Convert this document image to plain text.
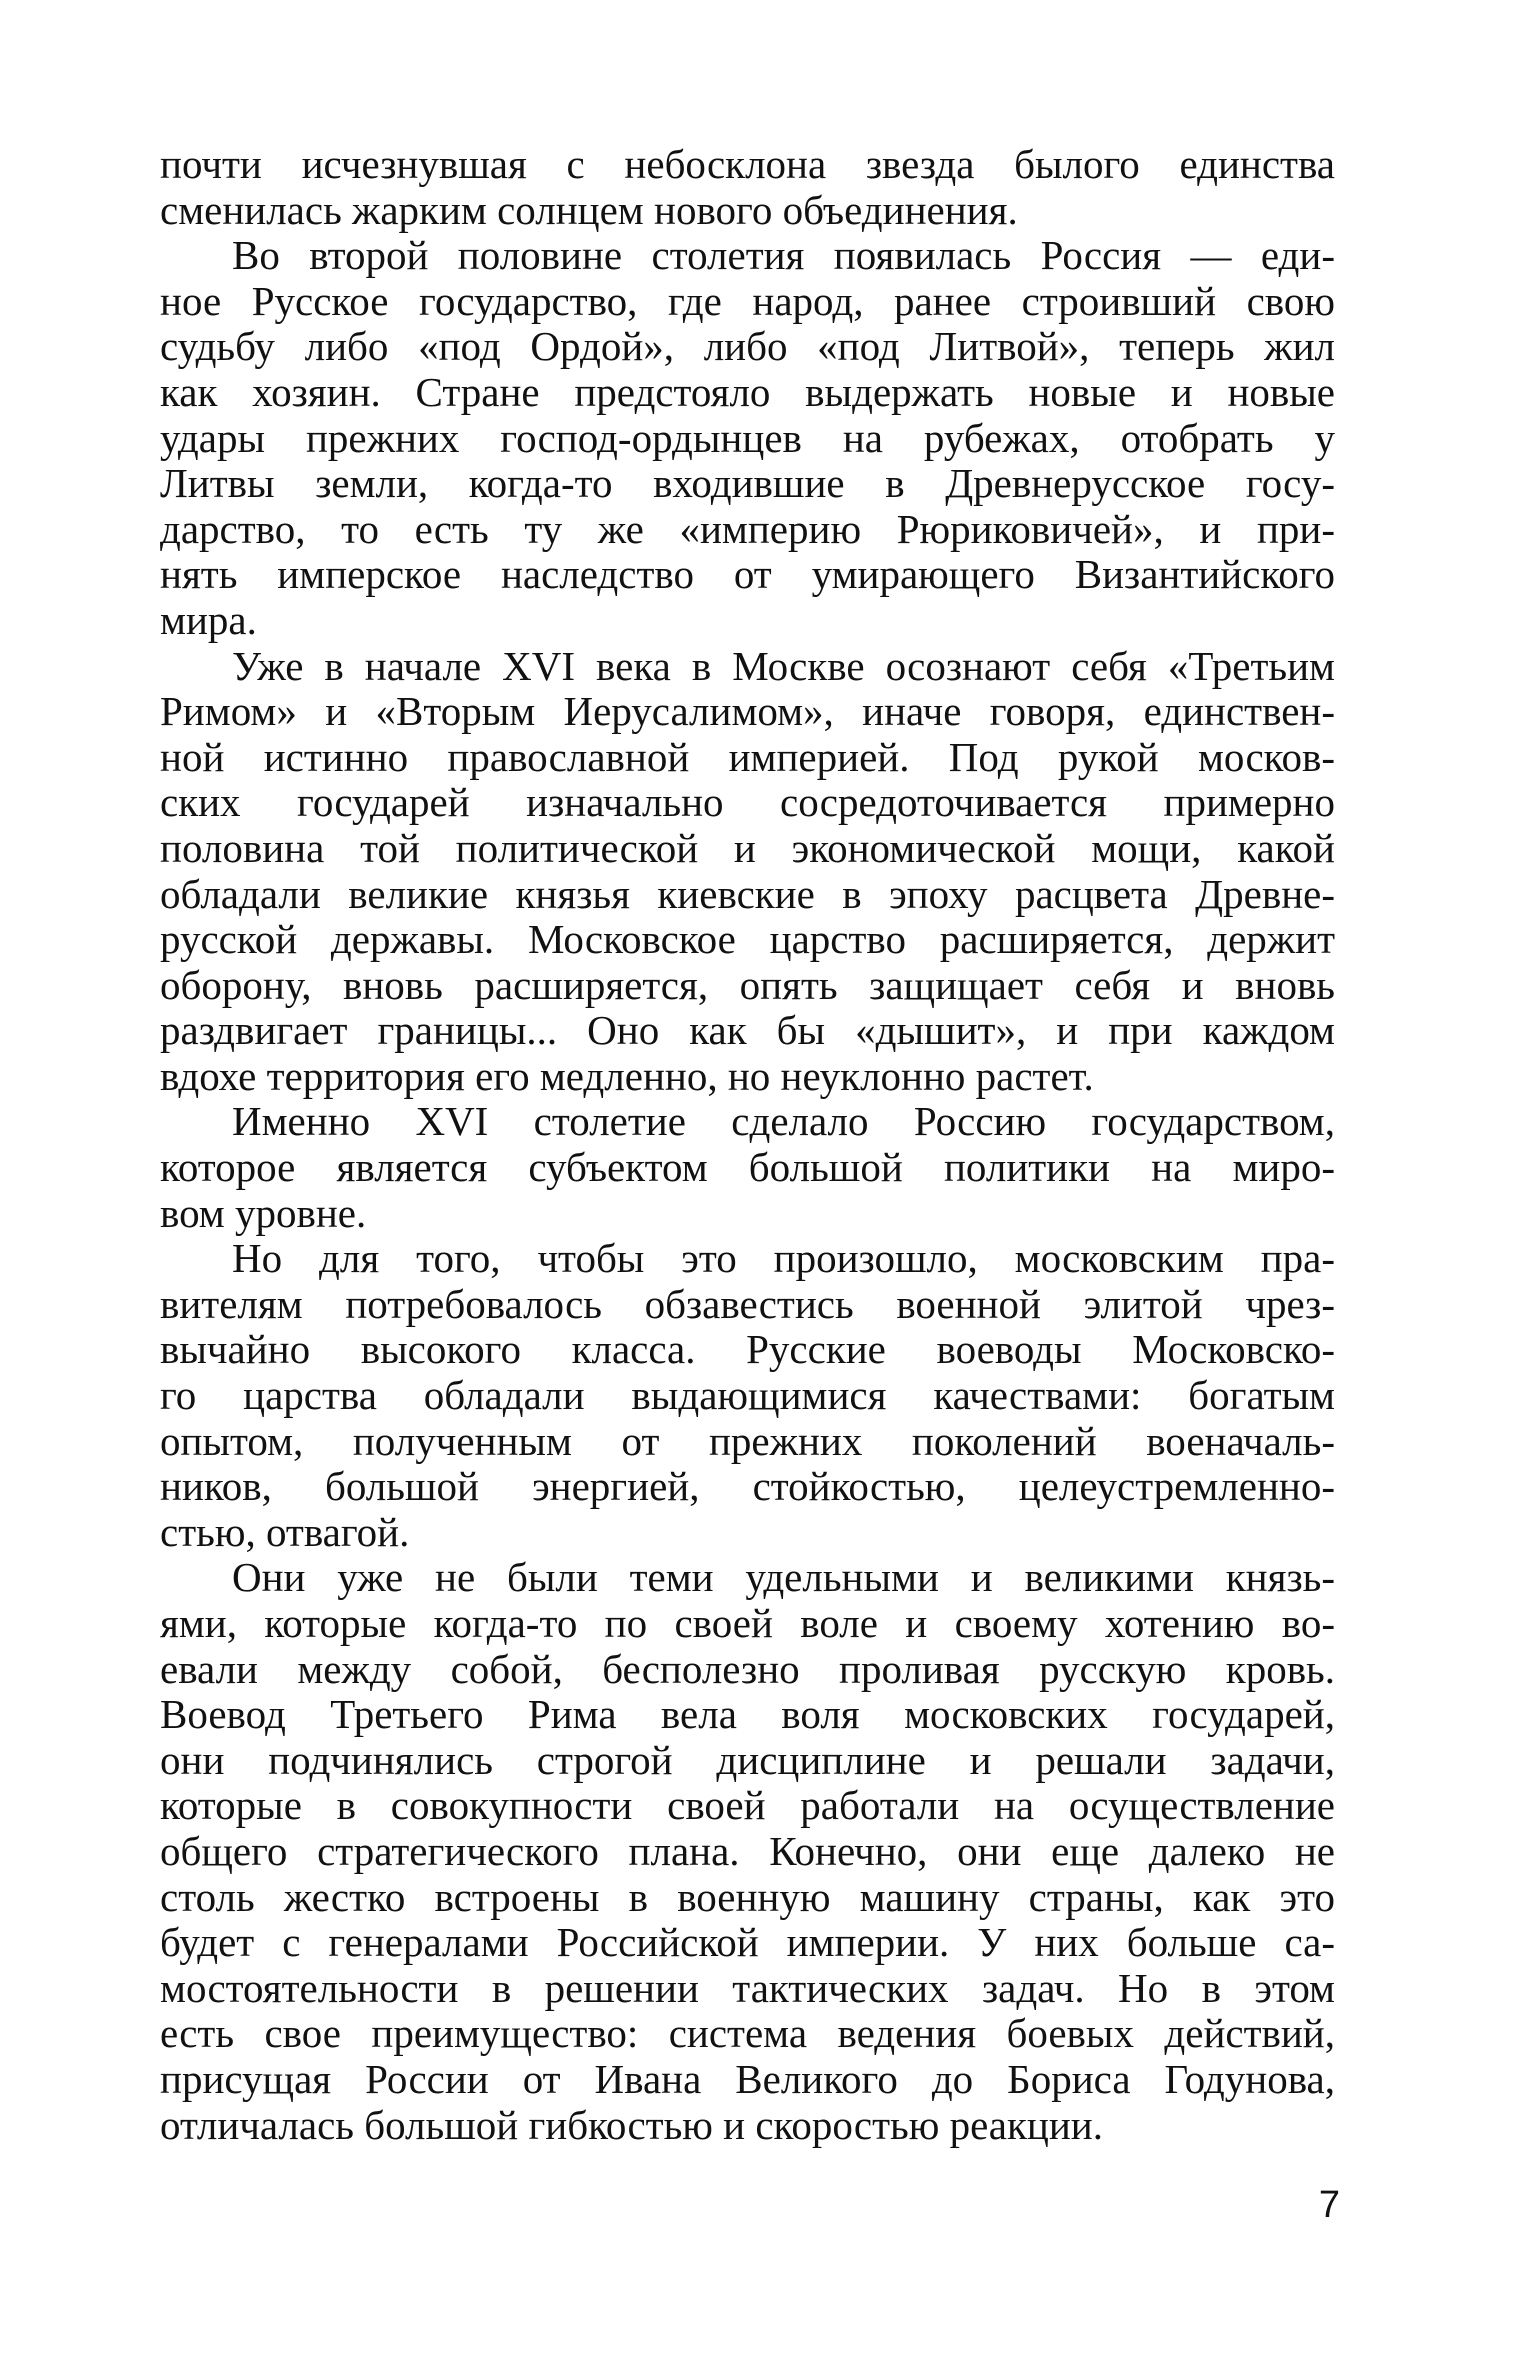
почти исчезнувшая с небосклона звезда былого единства
сменилась жарким солнцем нового объединения.
Во второй половине столетия появилась Россия — еди-
ное Русское государство, где народ, ранее строивший свою
судьбу либо «под Ордой», либо «под Литвой», теперь жил
как хозяин. Стране предстояло выдержать новые и новые
удары прежних господ-ордынцев на рубежах, отобрать у
Литвы земли, когда-то входившие в Древнерусское госу-
дарство, то есть ту же «империю Рюриковичей», и при-
нять имперское наследство от умирающего Византийского
мира.
Уже в начале XVI века в Москве осознают себя «Третьим
Римом» и «Вторым Иерусалимом», иначе говоря, единствен-
ной истинно православной империей. Под рукой москов-
ских государей изначально сосредоточивается примерно
половина той политической и экономической мощи, какой
обладали великие князья киевские в эпоху расцвета Древне-
русской державы. Московское царство расширяется, держит
оборону, вновь расширяется, опять защищает себя и вновь
раздвигает границы... Оно как бы «дышит», и при каждом
вдохе территория его медленно, но неуклонно растет.
Именно XVI столетие сделало Россию государством,
которое является субъектом большой политики на миро-
вом уровне.
Но для того, чтобы это произошло, московским пра-
вителям потребовалось обзавестись военной элитой чрез-
вычайно высокого класса. Русские воеводы Московско-
го царства обладали выдающимися качествами: богатым
опытом, полученным от прежних поколений военачаль-
ников, большой энергией, стойкостью, целеустремленно-
стью, отвагой.
Они уже не были теми удельными и великими князь-
ями, которые когда-то по своей воле и своему хотению во-
евали между собой, бесполезно проливая русскую кровь.
Воевод Третьего Рима вела воля московских государей,
они подчинялись строгой дисциплине и решали задачи,
которые в совокупности своей работали на осуществление
общего стратегического плана. Конечно, они еще далеко не
столь жестко встроены в военную машину страны, как это
будет с генералами Российской империи. У них больше са-
мостоятельности в решении тактических задач. Но в этом
есть свое преимущество: система ведения боевых действий,
присущая России от Ивана Великого до Бориса Годунова,
отличалась большой гибкостью и скоростью реакции.
7
